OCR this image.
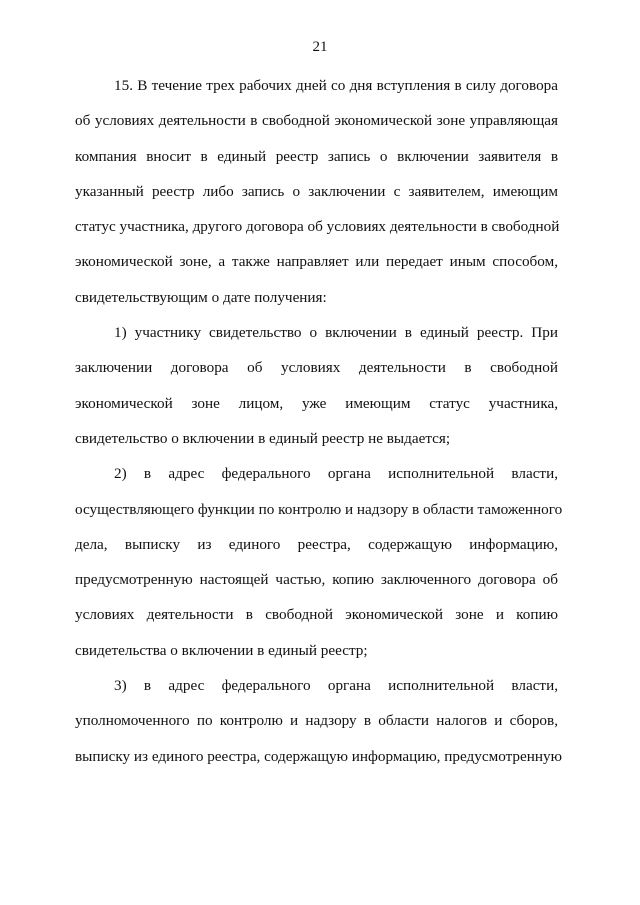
21
15. В течение трех рабочих дней со дня вступления в силу договора
об условиях деятельности в свободной экономической зоне управляющая
компания вносит в единый реестр запись о включении заявителя в
указанный реестр либо запись о заключении с заявителем, имеющим
статус участника, другого договора об условиях деятельности в свободной
экономической зоне, а также направляет или передает иным способом,
свидетельствующим о дате получения:
1) участнику свидетельство о включении в единый реестр. При
заключении договора об условиях деятельности в свободной
экономической зоне лицом, уже имеющим статус участника,
свидетельство о включении в единый реестр не выдается;
2) в адрес федерального органа исполнительной власти,
осуществляющего функции по контролю и надзору в области таможенного
дела, выписку из единого реестра, содержащую информацию,
предусмотренную настоящей частью, копию заключенного договора об
условиях деятельности в свободной экономической зоне и копию
свидетельства о включении в единый реестр;
3) в адрес федерального органа исполнительной власти,
уполномоченного по контролю и надзору в области налогов и сборов,
выписку из единого реестра, содержащую информацию, предусмотренную
